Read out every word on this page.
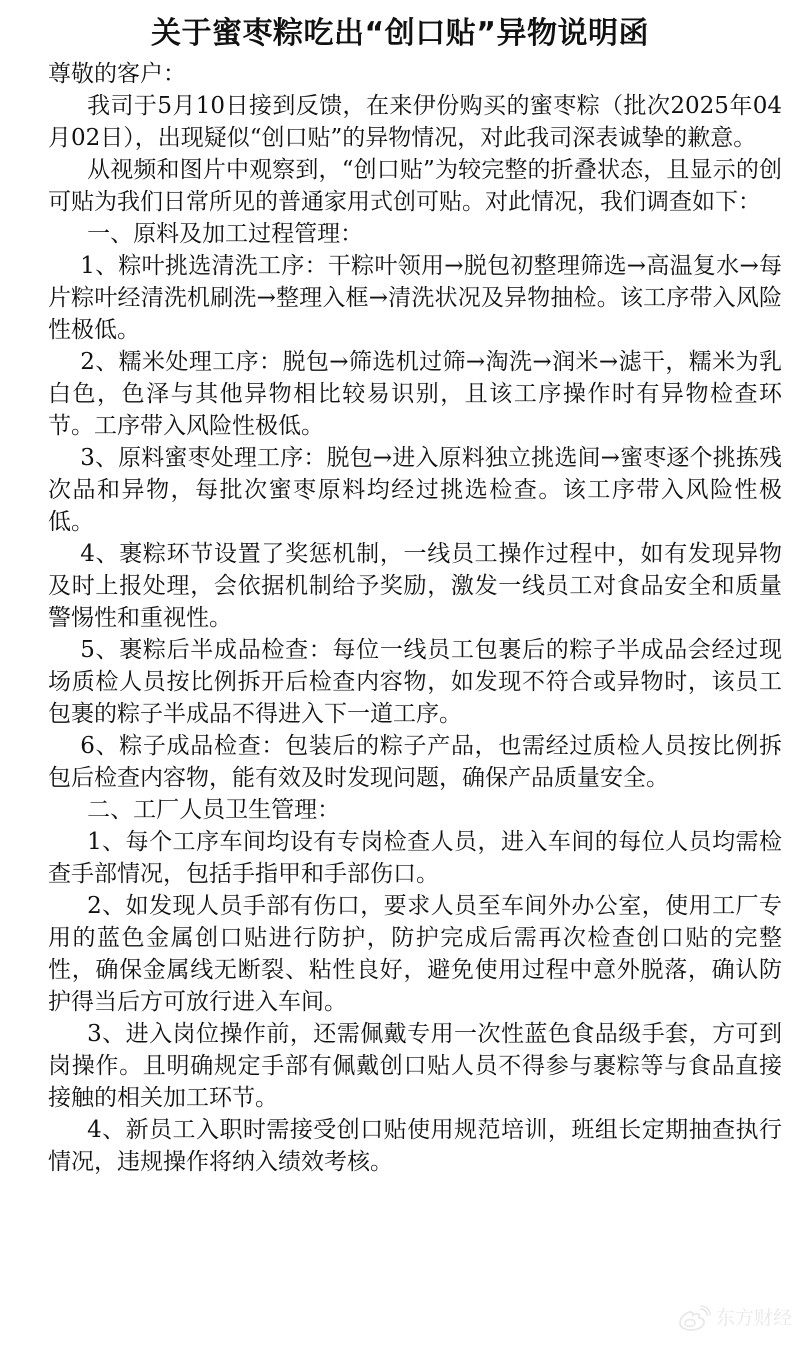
关于蜜枣粽吃出“创口贴”异物说明函

尊敬的客户：

我司于5月10日接到反馈，在来伊份购买的蜜枣粽（批次2025年04月02日），出现疑似“创口贴”的异物情况，对此我司深表诚挚的歉意。

从视频和图片中观察到，“创口贴”为较完整的折叠状态，且显示的创可贴为我们日常所见的普通家用式创可贴。对此情况，我们调查如下：

一、原料及加工过程管理：

1、粽叶挑选清洗工序：干粽叶领用→脱包初整理筛选→高温复水→每片粽叶经清洗机刷洗→整理入框→清洗状况及异物抽检。该工序带入风险性极低。

2、糯米处理工序：脱包→筛选机过筛→淘洗→润米→滤干，糯米为乳白色，色泽与其他异物相比较易识别，且该工序操作时有异物检查环节。工序带入风险性极低。

3、原料蜜枣处理工序：脱包→进入原料独立挑选间→蜜枣逐个挑拣残次品和异物，每批次蜜枣原料均经过挑选检查。该工序带入风险性极低。

4、裹粽环节设置了奖惩机制，一线员工操作过程中，如有发现异物及时上报处理，会依据机制给予奖励，激发一线员工对食品安全和质量警惕性和重视性。

5、裹粽后半成品检查：每位一线员工包裹后的粽子半成品会经过现场质检人员按比例拆开后检查内容物，如发现不符合或异物时，该员工包裹的粽子半成品不得进入下一道工序。

6、粽子成品检查：包装后的粽子产品，也需经过质检人员按比例拆包后检查内容物，能有效及时发现问题，确保产品质量安全。

二、工厂人员卫生管理：

1、每个工序车间均设有专岗检查人员，进入车间的每位人员均需检查手部情况，包括手指甲和手部伤口。

2、如发现人员手部有伤口，要求人员至车间外办公室，使用工厂专用的蓝色金属创口贴进行防护，防护完成后需再次检查创口贴的完整性，确保金属线无断裂、粘性良好，避免使用过程中意外脱落，确认防护得当后方可放行进入车间。

3、进入岗位操作前，还需佩戴专用一次性蓝色食品级手套，方可到岗操作。且明确规定手部有佩戴创口贴人员不得参与裹粽等与食品直接接触的相关加工环节。

4、新员工入职时需接受创口贴使用规范培训，班组长定期抽查执行情况，违规操作将纳入绩效考核。

东方财经
